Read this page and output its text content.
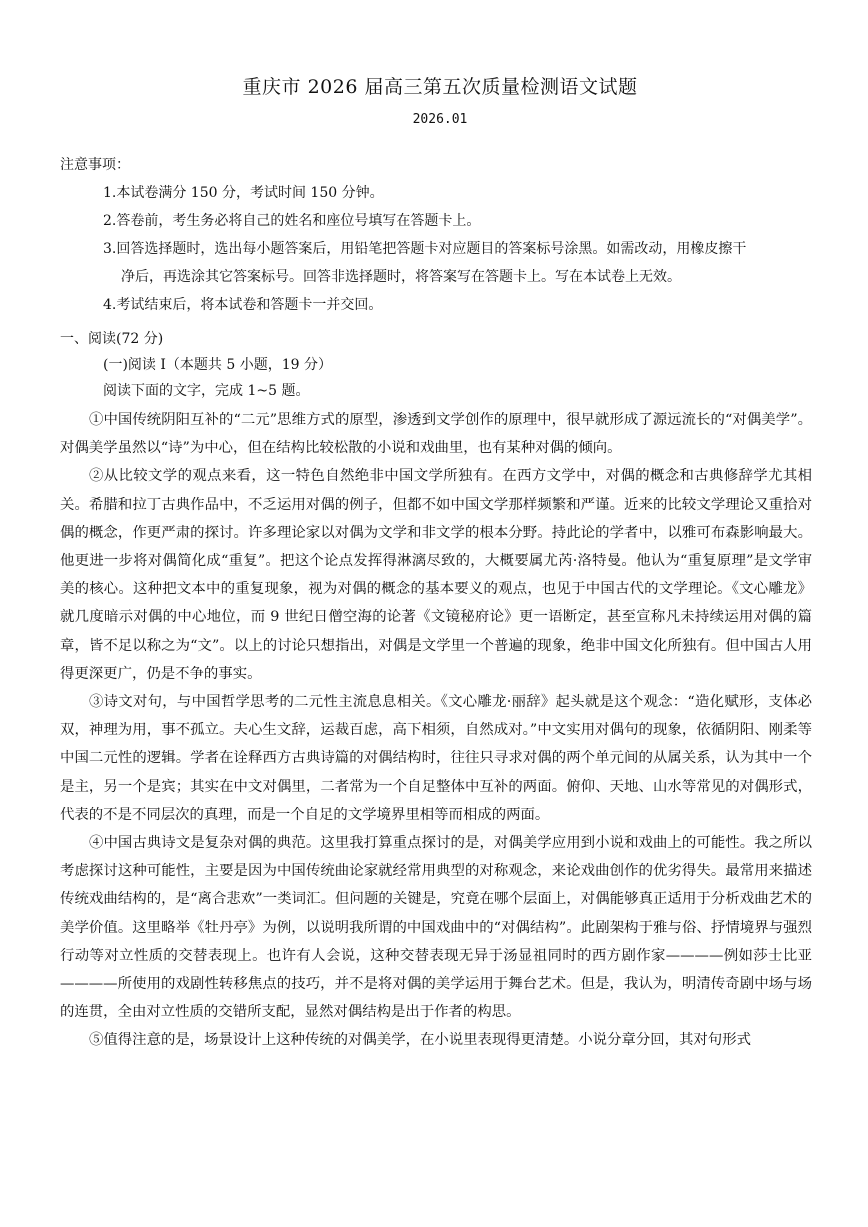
重庆市 2026 届高三第五次质量检测语文试题
2026.01
注意事项：
1.本试卷满分 150 分，考试时间 150 分钟。
2.答卷前，考生务必将自己的姓名和座位号填写在答题卡上。
3.回答选择题时，选出每小题答案后，用铅笔把答题卡对应题目的答案标号涂黑。如需改动，用橡皮擦干
净后，再选涂其它答案标号。回答非选择题时，将答案写在答题卡上。写在本试卷上无效。
4.考试结束后，将本试卷和答题卡一并交回。
一、阅读(72 分)
(一)阅读 I（本题共 5 小题，19 分）
阅读下面的文字，完成 1~5 题。

①中国传统阴阳互补的“二元”思维方式的原型，渗透到文学创作的原理中，很早就形成了源远流长的“对偶美学”。对偶美学虽然以“诗”为中心，但在结构比较松散的小说和戏曲里，也有某种对偶的倾向。

②从比较文学的观点来看，这一特色自然绝非中国文学所独有。在西方文学中，对偶的概念和古典修辞学尤其相关。希腊和拉丁古典作品中，不乏运用对偶的例子，但都不如中国文学那样频繁和严谨。近来的比较文学理论又重拾对偶的概念，作更严肃的探讨。许多理论家以对偶为文学和非文学的根本分野。持此论的学者中，以雅可布森影响最大。他更进一步将对偶简化成“重复”。把这个论点发挥得淋漓尽致的，大概要属尤芮·洛特曼。他认为“重复原理”是文学审美的核心。这种把文本中的重复现象，视为对偶的概念的基本要义的观点，也见于中国古代的文学理论。《文心雕龙》就几度暗示对偶的中心地位，而 9 世纪日僧空海的论著《文镜秘府论》更一语断定，甚至宣称凡未持续运用对偶的篇章，皆不足以称之为“文”。以上的讨论只想指出，对偶是文学里一个普遍的现象，绝非中国文化所独有。但中国古人用得更深更广，仍是不争的事实。

③诗文对句，与中国哲学思考的二元性主流息息相关。《文心雕龙·丽辞》起头就是这个观念：“造化赋形，支体必双，神理为用，事不孤立。夫心生文辞，运裁百虑，高下相须，自然成对。”中文实用对偶句的现象，依循阴阳、刚柔等中国二元性的逻辑。学者在诠释西方古典诗篇的对偶结构时，往往只寻求对偶的两个单元间的从属关系，认为其中一个是主，另一个是宾；其实在中文对偶里，二者常为一个自足整体中互补的两面。俯仰、天地、山水等常见的对偶形式，代表的不是不同层次的真理，而是一个自足的文学境界里相等而相成的两面。

④中国古典诗文是复杂对偶的典范。这里我打算重点探讨的是，对偶美学应用到小说和戏曲上的可能性。我之所以考虑探讨这种可能性，主要是因为中国传统曲论家就经常用典型的对称观念，来论戏曲创作的优劣得失。最常用来描述传统戏曲结构的，是“离合悲欢”一类词汇。但问题的关键是，究竟在哪个层面上，对偶能够真正适用于分析戏曲艺术的美学价值。这里略举《牡丹亭》为例，以说明我所谓的中国戏曲中的“对偶结构”。此剧架构于雅与俗、抒情境界与强烈行动等对立性质的交替表现上。也许有人会说，这种交替表现无异于汤显祖同时的西方剧作家————例如莎士比亚————所使用的戏剧性转移焦点的技巧，并不是将对偶的美学运用于舞台艺术。但是，我认为，明清传奇剧中场与场的连贯，全由对立性质的交错所支配，显然对偶结构是出于作者的构思。

⑤值得注意的是，场景设计上这种传统的对偶美学，在小说里表现得更清楚。小说分章分回，其对句形式
